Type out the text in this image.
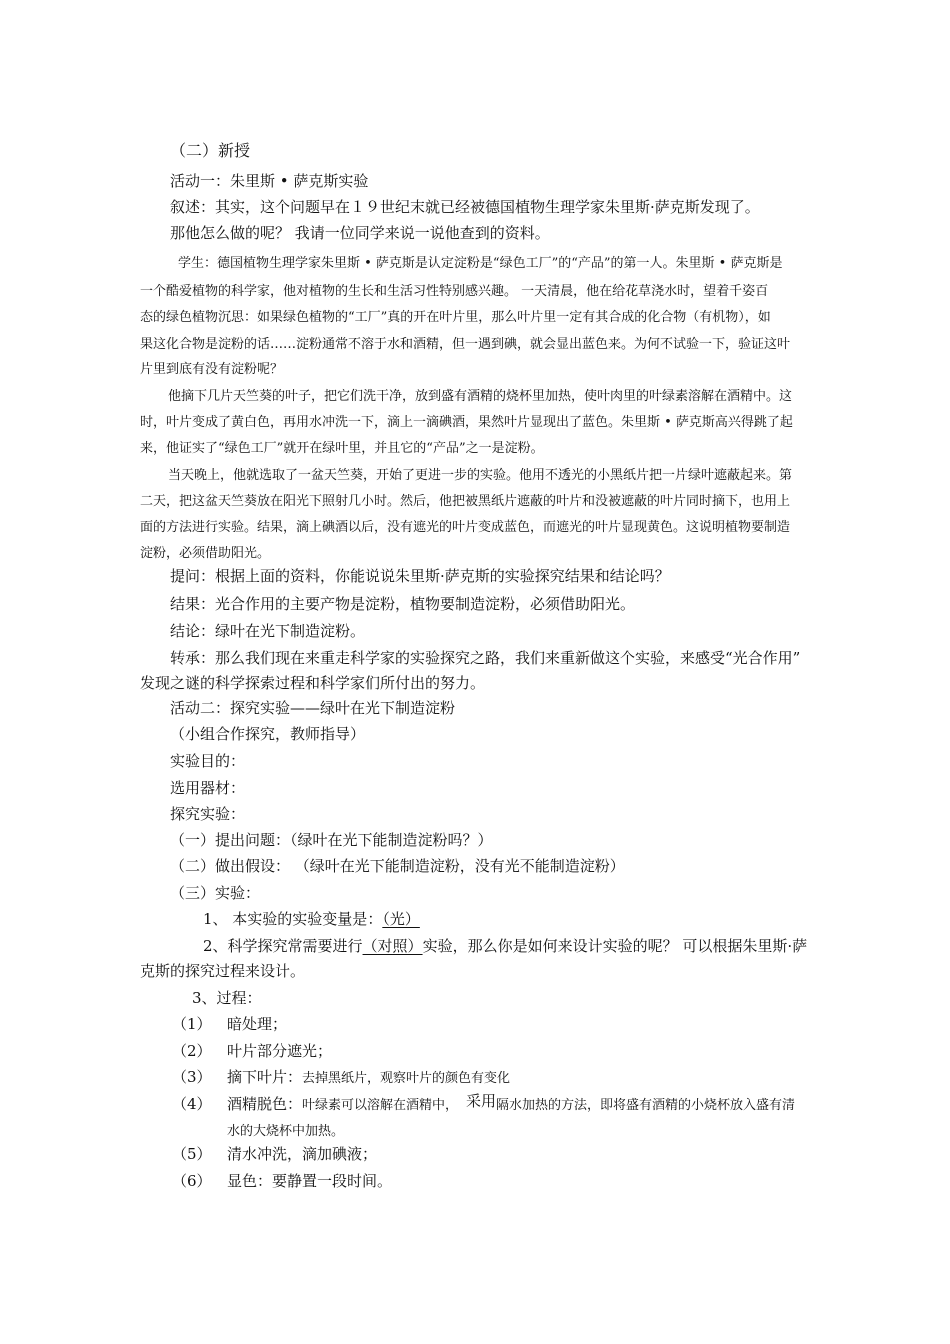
（二）新授
活动一：朱里斯 • 萨克斯实验
叙述：其实，这个问题早在１９世纪末就已经被德国植物生理学家朱里斯·萨克斯发现了。
那他怎么做的呢？ 我请一位同学来说一说他查到的资料。
学生：德国植物生理学家朱里斯 • 萨克斯是认定淀粉是“绿色工厂”的“产品”的第一人。朱里斯 • 萨克斯是
一个酷爱植物的科学家，他对植物的生长和生活习性特别感兴趣。 一天清晨，他在给花草浇水时，望着千姿百
态的绿色植物沉思：如果绿色植物的“工厂”真的开在叶片里，那么叶片里一定有其合成的化合物（有机物），如
果这化合物是淀粉的话……淀粉通常不溶于水和酒精，但一遇到碘，就会显出蓝色来。为何不试验一下，验证这叶
片里到底有没有淀粉呢？
他摘下几片天竺葵的叶子，把它们洗干净，放到盛有酒精的烧杯里加热，使叶肉里的叶绿素溶解在酒精中。这
时，叶片变成了黄白色，再用水冲洗一下，滴上一滴碘酒，果然叶片显现出了蓝色。朱里斯 • 萨克斯高兴得跳了起
来，他证实了“绿色工厂”就开在绿叶里，并且它的“产品”之一是淀粉。
当天晚上，他就选取了一盆天竺葵，开始了更进一步的实验。他用不透光的小黑纸片把一片绿叶遮蔽起来。第
二天，把这盆天竺葵放在阳光下照射几小时。然后，他把被黑纸片遮蔽的叶片和没被遮蔽的叶片同时摘下，也用上
面的方法进行实验。结果，滴上碘酒以后，没有遮光的叶片变成蓝色，而遮光的叶片显现黄色。这说明植物要制造
淀粉，必须借助阳光。
提问：根据上面的资料，你能说说朱里斯·萨克斯的实验探究结果和结论吗？
结果：光合作用的主要产物是淀粉，植物要制造淀粉，必须借助阳光。
结论：绿叶在光下制造淀粉。
转承：那么我们现在来重走科学家的实验探究之路，我们来重新做这个实验，来感受“光合作用”
发现之谜的科学探索过程和科学家们所付出的努力。
活动二：探究实验——绿叶在光下制造淀粉
（小组合作探究，教师指导）
实验目的：
选用器材：
探究实验：
（一）提出问题：（绿叶在光下能制造淀粉吗？）
（二）做出假设： （绿叶在光下能制造淀粉，没有光不能制造淀粉）
（三）实验：
1、 本实验的实验变量是：（光）
2、科学探究常需要进行（对照）实验，那么你是如何来设计实验的呢？ 可以根据朱里斯·萨
克斯的探究过程来设计。
3、过程：
（1） 暗处理；
（2） 叶片部分遮光；
（3） 摘下叶片：去掉黑纸片，观察叶片的颜色有变化
（4） 酒精脱色：叶绿素可以溶解在酒精中， 采用隔水加热的方法，即将盛有酒精的小烧杯放入盛有清
水的大烧杯中加热。
（5） 清水冲洗，滴加碘液；
（6） 显色：要静置一段时间。
